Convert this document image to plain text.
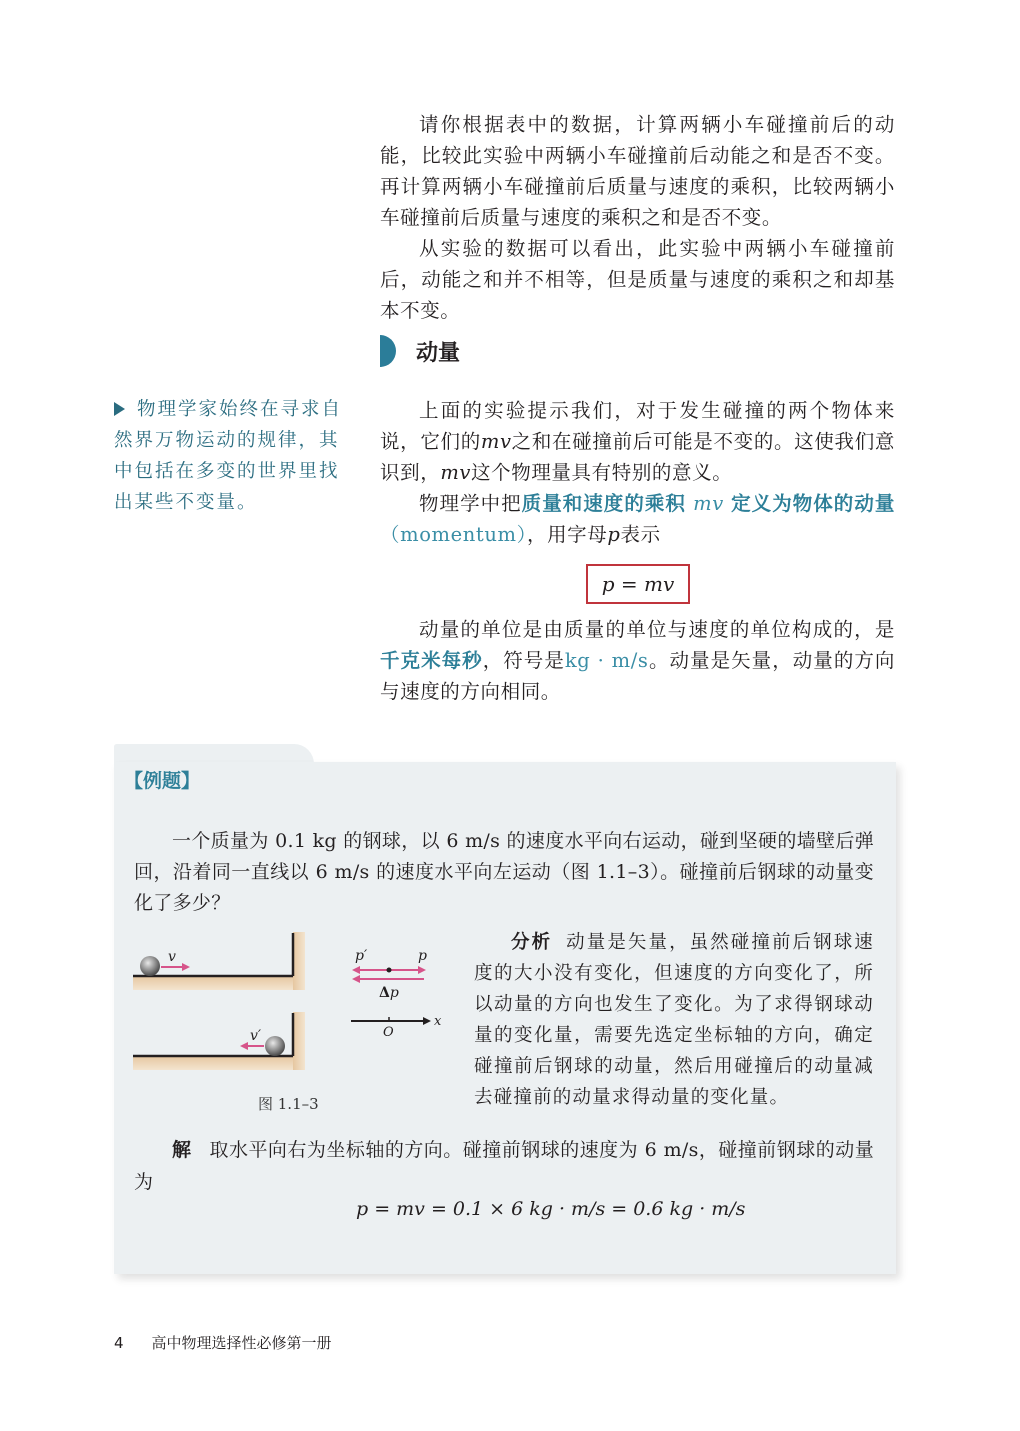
请你根据表中的数据，计算两辆小车碰撞前后的动能，比较此实验中两辆小车碰撞前后动能之和是否不变。再计算两辆小车碰撞前后质量与速度的乘积，比较两辆小车碰撞前后质量与速度的乘积之和是否不变。

从实验的数据可以看出，此实验中两辆小车碰撞前后，动能之和并不相等，但是质量与速度的乘积之和却基本不变。

动量
物理学家始终在寻求自然界万物运动的规律，其中包括在多变的世界里找出某些不变量。

上面的实验提示我们，对于发生碰撞的两个物体来说，它们的mv之和在碰撞前后可能是不变的。这使我们意识到，mv这个物理量具有特别的意义。

物理学中把质量和速度的乘积 mv 定义为物体的动量（momentum），用字母p表示

p = mv

动量的单位是由质量的单位与速度的单位构成的，是千克米每秒，符号是kg · m/s。动量是矢量，动量的方向与速度的方向相同。

【例题】

一个质量为 0.1 kg 的钢球，以 6 m/s 的速度水平向右运动，碰到坚硬的墙壁后弹回，沿着同一直线以 6 m/s 的速度水平向左运动（图 1.1–3）。碰撞前后钢球的动量变化了多少？

v
v′
p′	p
Δp
O
x
图 1.1–3

分析 动量是矢量，虽然碰撞前后钢球速度的大小没有变化，但速度的方向变化了，所以动量的方向也发生了变化。为了求得钢球动量的变化量，需要先选定坐标轴的方向，确定碰撞前后钢球的动量，然后用碰撞后的动量减去碰撞前的动量求得动量的变化量。

解 取水平向右为坐标轴的方向。碰撞前钢球的速度为 6 m/s，碰撞前钢球的动量为

p = mv = 0.1 × 6 kg · m/s = 0.6 kg · m/s
4 高中物理选择性必修第一册
